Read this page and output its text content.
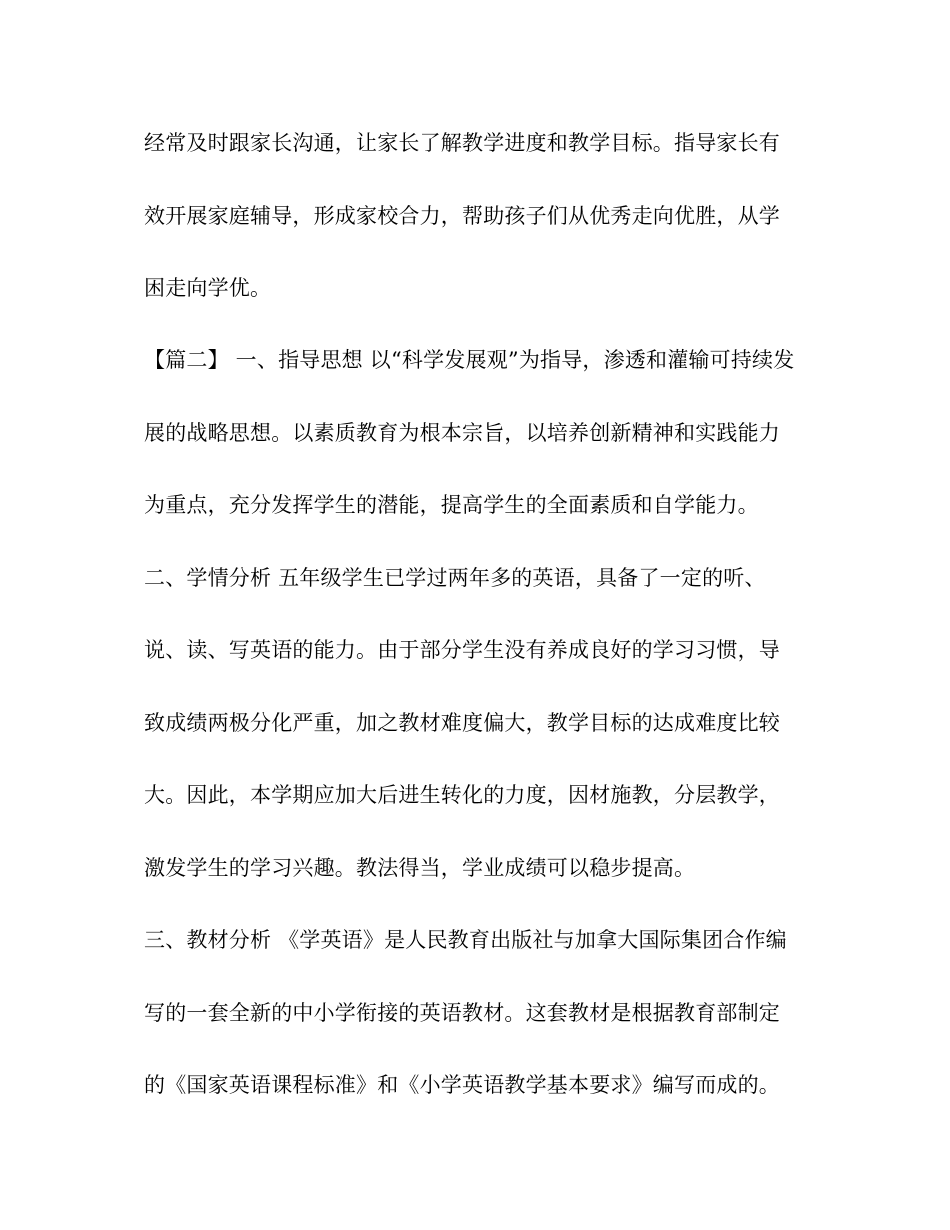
经常及时跟家长沟通，让家长了解教学进度和教学目标。指导家长有
效开展家庭辅导，形成家校合力，帮助孩子们从优秀走向优胜，从学
困走向学优。
【篇二】 一、指导思想 以“科学发展观”为指导，渗透和灌输可持续发
展的战略思想。以素质教育为根本宗旨，以培养创新精神和实践能力
为重点，充分发挥学生的潜能，提高学生的全面素质和自学能力。
二、学情分析 五年级学生已学过两年多的英语，具备了一定的听、
说、读、写英语的能力。由于部分学生没有养成良好的学习习惯，导
致成绩两极分化严重，加之教材难度偏大，教学目标的达成难度比较
大。因此，本学期应加大后进生转化的力度，因材施教，分层教学，
激发学生的学习兴趣。教法得当，学业成绩可以稳步提高。
三、教材分析 《学英语》是人民教育出版社与加拿大国际集团合作编
写的一套全新的中小学衔接的英语教材。这套教材是根据教育部制定
的《国家英语课程标准》和《小学英语教学基本要求》编写而成的。
